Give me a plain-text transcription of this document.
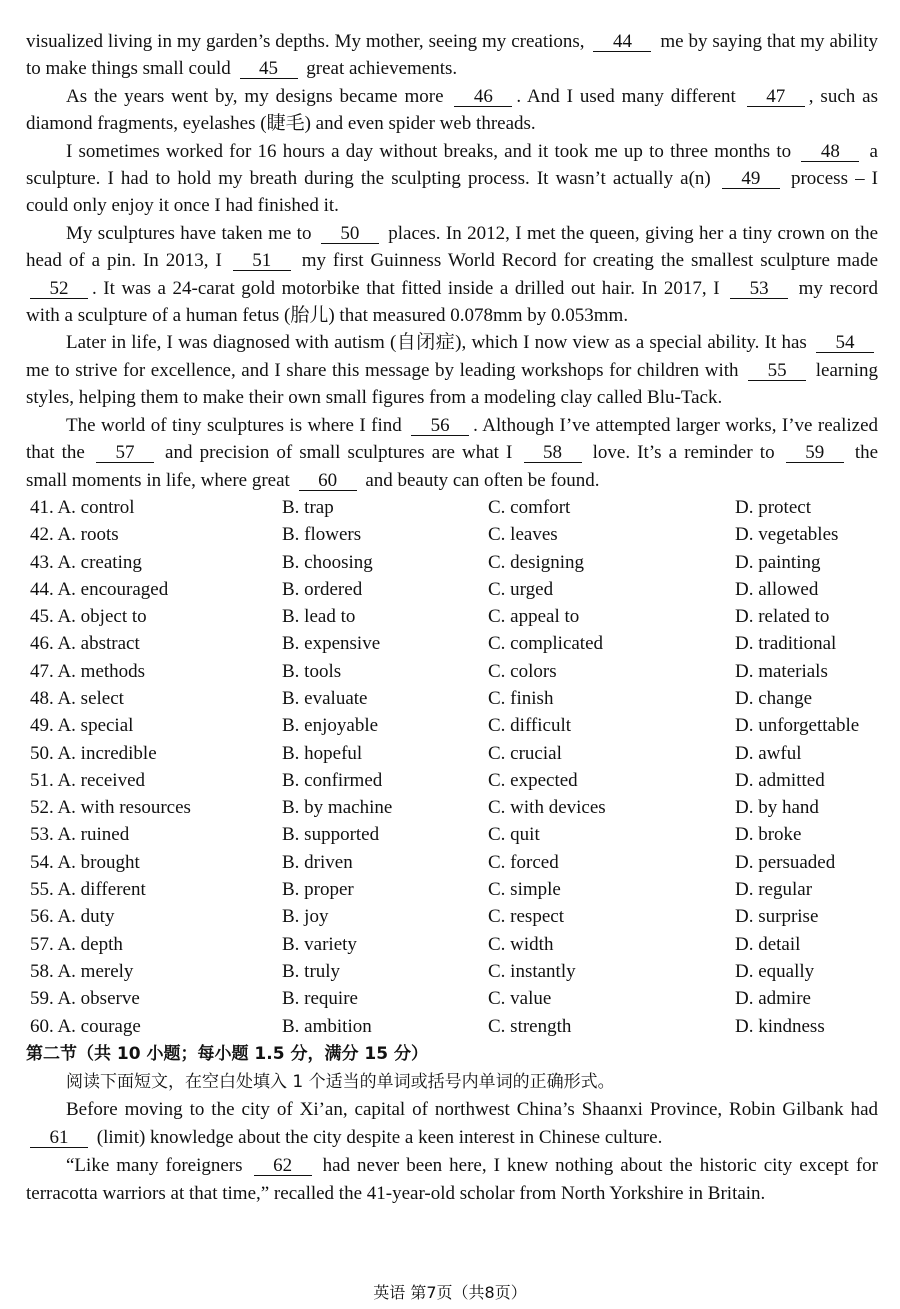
visualized living in my garden’s depths. My mother, seeing my creations, 44 me by saying that my ability to make things small could 45 great achievements.

As the years went by, my designs became more 46 . And I used many different 47 , such as diamond fragments, eyelashes (睫毛) and even spider web threads.

I sometimes worked for 16 hours a day without breaks, and it took me up to three months to 48 a sculpture. I had to hold my breath during the sculpting process. It wasn’t actually a(n) 49 process – I could only enjoy it once I had finished it.

My sculptures have taken me to 50 places. In 2012, I met the queen, giving her a tiny crown on the head of a pin. In 2013, I 51 my first Guinness World Record for creating the smallest sculpture made 52 . It was a 24-carat gold motorbike that fitted inside a drilled out hair. In 2017, I 53 my record with a sculpture of a human fetus (胎儿) that measured 0.078mm by 0.053mm.

Later in life, I was diagnosed with autism (自闭症), which I now view as a special ability. It has 54 me to strive for excellence, and I share this message by leading workshops for children with 55 learning styles, helping them to make their own small figures from a modeling clay called Blu-Tack.

The world of tiny sculptures is where I find 56 . Although I’ve attempted larger works, I’ve realized that the 57 and precision of small sculptures are what I 58 love. It’s a reminder to 59 the small moments in life, where great 60 and beauty can often be found.

41. A. control	B. trap	C. comfort	D. protect
42. A. roots	B. flowers	C. leaves	D. vegetables
43. A. creating	B. choosing	C. designing	D. painting
44. A. encouraged	B. ordered	C. urged	D. allowed
45. A. object to	B. lead to	C. appeal to	D. related to
46. A. abstract	B. expensive	C. complicated	D. traditional
47. A. methods	B. tools	C. colors	D. materials
48. A. select	B. evaluate	C. finish	D. change
49. A. special	B. enjoyable	C. difficult	D. unforgettable
50. A. incredible	B. hopeful	C. crucial	D. awful
51. A. received	B. confirmed	C. expected	D. admitted
52. A. with resources	B. by machine	C. with devices	D. by hand
53. A. ruined	B. supported	C. quit	D. broke
54. A. brought	B. driven	C. forced	D. persuaded
55. A. different	B. proper	C. simple	D. regular
56. A. duty	B. joy	C. respect	D. surprise
57. A. depth	B. variety	C. width	D. detail
58. A. merely	B. truly	C. instantly	D. equally
59. A. observe	B. require	C. value	D. admire
60. A. courage	B. ambition	C. strength	D. kindness
第二节（共 10 小题；每小题 1.5 分，满分 15 分）

阅读下面短文，在空白处填入 1 个适当的单词或括号内单词的正确形式。

Before moving to the city of Xi’an, capital of northwest China’s Shaanxi Province, Robin Gilbank had 61 (limit) knowledge about the city despite a keen interest in Chinese culture.

“Like many foreigners 62 had never been here, I knew nothing about the historic city except for terracotta warriors at that time,” recalled the 41-year-old scholar from North Yorkshire in Britain.

英语 第7页（共8页）
